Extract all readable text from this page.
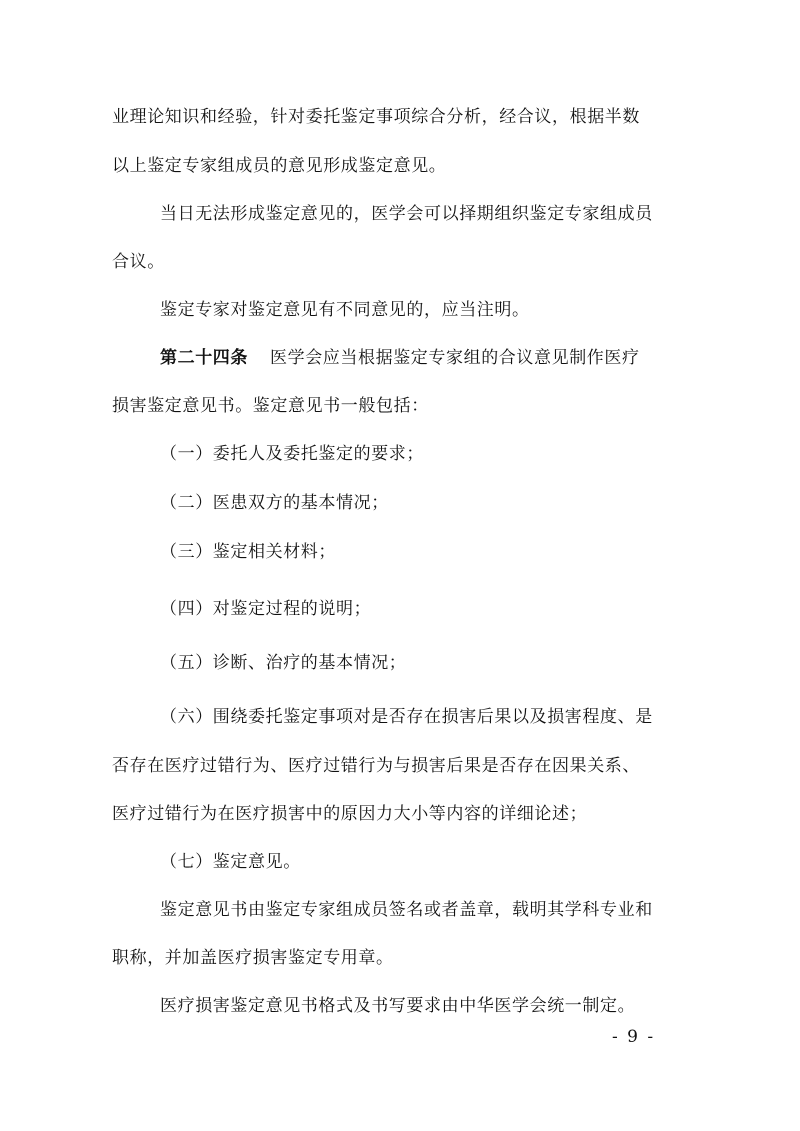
业理论知识和经验，针对委托鉴定事项综合分析，经合议，根据半数
以上鉴定专家组成员的意见形成鉴定意见。
当日无法形成鉴定意见的，医学会可以择期组织鉴定专家组成员
合议。
鉴定专家对鉴定意见有不同意见的，应当注明。
第二十四条 医学会应当根据鉴定专家组的合议意见制作医疗
损害鉴定意见书。鉴定意见书一般包括：
（一）委托人及委托鉴定的要求；
（二）医患双方的基本情况；
（三）鉴定相关材料；
（四）对鉴定过程的说明；
（五）诊断、治疗的基本情况；
（六）围绕委托鉴定事项对是否存在损害后果以及损害程度、是
否存在医疗过错行为、医疗过错行为与损害后果是否存在因果关系、
医疗过错行为在医疗损害中的原因力大小等内容的详细论述；
（七）鉴定意见。
鉴定意见书由鉴定专家组成员签名或者盖章，载明其学科专业和
职称，并加盖医疗损害鉴定专用章。
医疗损害鉴定意见书格式及书写要求由中华医学会统一制定。
- 9 -
